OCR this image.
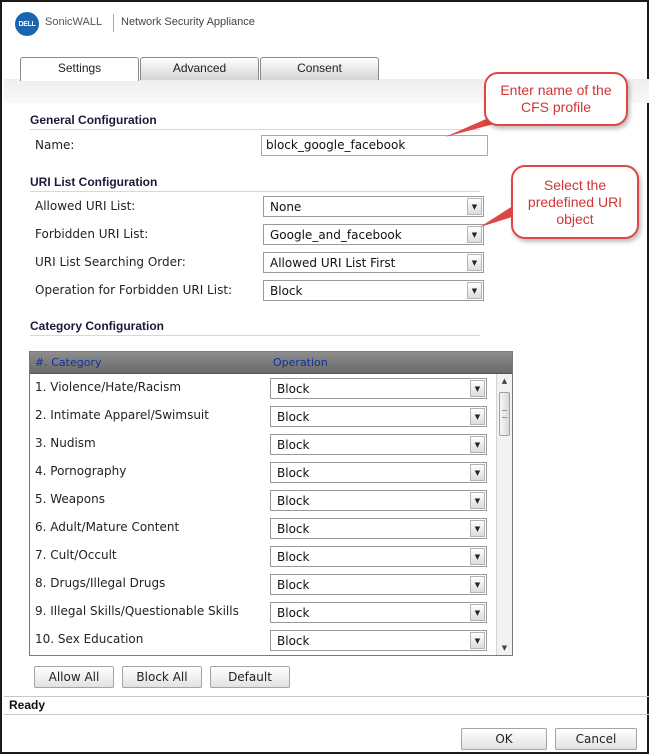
DELL SonicWALL Network Security Appliance
Settings	Advanced	Consent
General Configuration
Name:	block_google_facebook
URI List Configuration
Allowed URI List:	None	▼
Forbidden URI List:	Google_and_facebook	▼
URI List Searching Order:	Allowed URI List First	▼
Operation for Forbidden URI List:	Block	▼
Category Configuration
#. Category	Operation
1. Violence/Hate/Racism	Block	▼
2. Intimate Apparel/Swimsuit	Block	▼
3. Nudism	Block	▼
4. Pornography	Block	▼
5. Weapons	Block	▼
6. Adult/Mature Content	Block	▼
7. Cult/Occult	Block	▼
8. Drugs/Illegal Drugs	Block	▼
9. Illegal Skills/Questionable Skills	Block	▼
10. Sex Education	Block	▼
▲
▼
Allow All	Block All	Default
Ready
OK	Cancel
Enter name of the CFS profile
Select the predefined URI object
